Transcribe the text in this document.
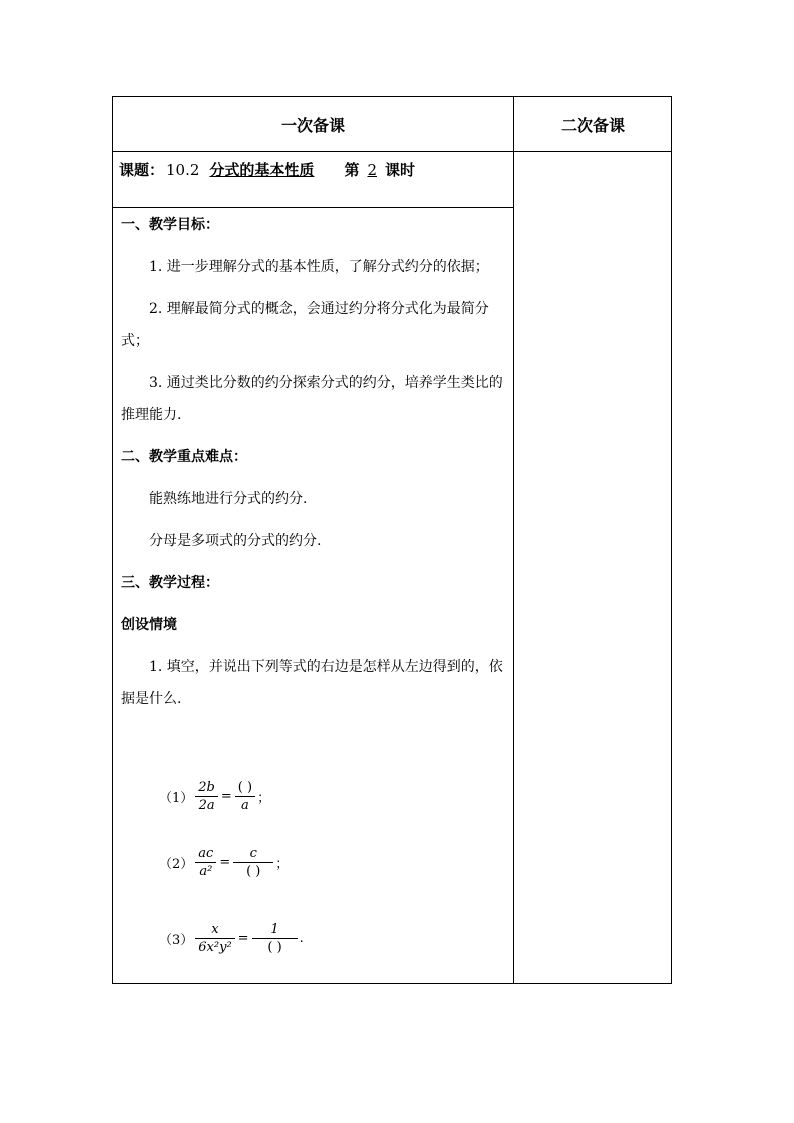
一次备课	二次备课
课题： 10.2 分式的基本性质 第 2 课时
一、教学目标：
1. 进一步理解分式的基本性质，了解分式约分的依据；
2. 理解最简分式的概念，会通过约分将分式化为最简分式；
3. 通过类比分数的约分探索分式的约分，培养学生类比的推理能力.
二、教学重点难点：
能熟练地进行分式的约分.
分母是多项式的分式的约分.
三、教学过程：
创设情境
1. 填空，并说出下列等式的右边是怎样从左边得到的，依据是什么.
$(1) \frac{2b}{2a} = \frac{( )}{a}$ ；
$(2) \frac{ac}{\text{a²}} = \frac{c}{( )}$ ；
$(3) \frac{x}{\text{6x²y²}} = \frac{1}{( )}$ .
